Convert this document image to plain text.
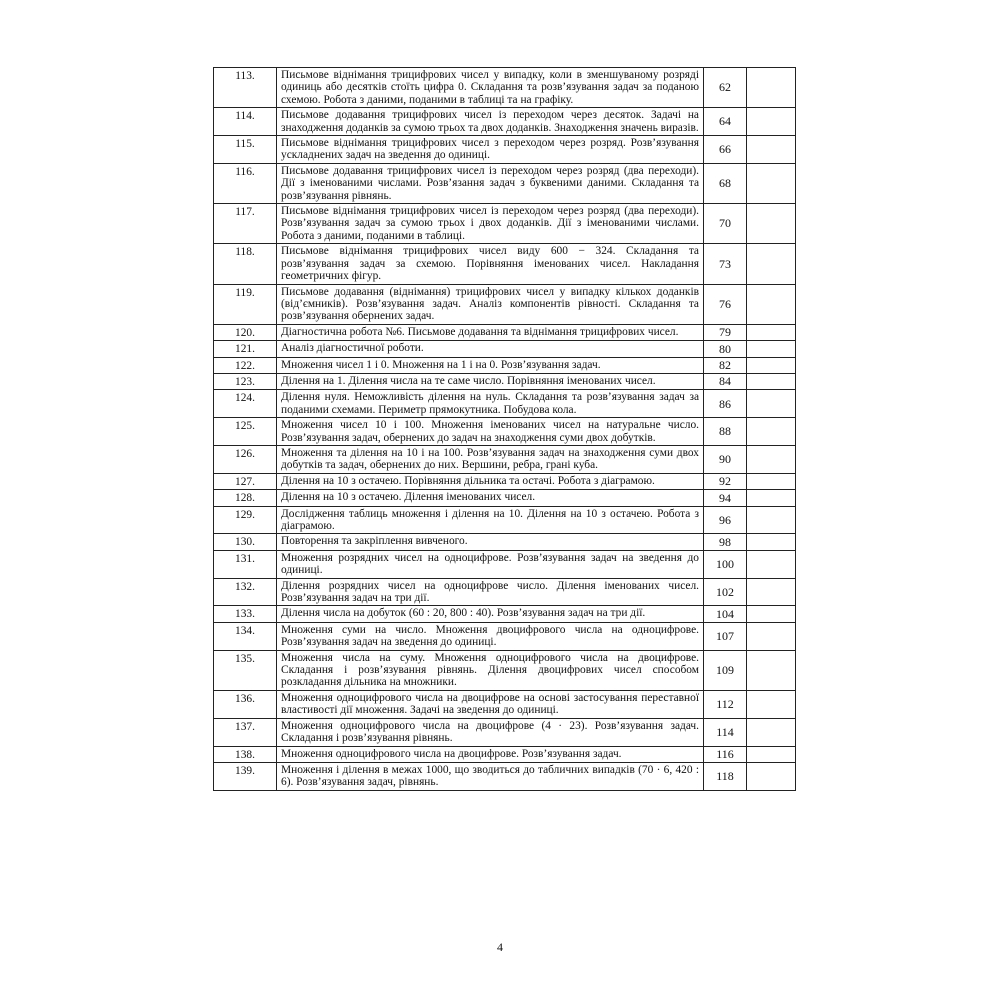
113.	Письмове віднімання трицифрових чисел у випадку, коли в зменшуваному розряді одиниць або десятків стоїть цифра 0. Складання та розв’язування задач за поданою схемою. Робота з даними, поданими в таблиці та на графіку.	62	
114.	Письмове додавання трицифрових чисел із переходом через десяток. Задачі на знаходження доданків за сумою трьох та двох доданків. Знаходження значень виразів.	64	
115.	Письмове віднімання трицифрових чисел з переходом через розряд. Розв’язування ускладнених задач на зведення до одиниці.	66	
116.	Письмове додавання трицифрових чисел із переходом через розряд (два переходи). Дії з іменованими числами. Розв’язання задач з буквеними даними. Складання та розв’язування рівнянь.	68	
117.	Письмове віднімання трицифрових чисел із переходом через розряд (два переходи). Розв’язування задач за сумою трьох і двох доданків. Дії з іменованими числами. Робота з даними, поданими в таблиці.	70	
118.	Письмове віднімання трицифрових чисел виду 600 − 324. Складання та розв’язування задач за схемою. Порівняння іменованих чисел. Накладання геометричних фігур.	73	
119.	Письмове додавання (віднімання) трицифрових чисел у випадку кількох доданків (від’ємників). Розв’язування задач. Аналіз компонентів рівності. Складання та розв’язування обернених задач.	76	
120.	Діагностична робота №6. Письмове додавання та віднімання трицифрових чисел.	79	
121.	Аналіз діагностичної роботи.	80	
122.	Множення чисел 1 і 0. Множення на 1 і на 0. Розв’язування задач.	82	
123.	Ділення на 1. Ділення числа на те саме число. Порівняння іменованих чисел.	84	
124.	Ділення нуля. Неможливість ділення на нуль. Складання та розв’язування задач за поданими схемами. Периметр прямокутника. Побудова кола.	86	
125.	Множення чисел 10 і 100. Множення іменованих чисел на натуральне число. Розв’язування задач, обернених до задач на знаходження суми двох добутків.	88	
126.	Множення та ділення на 10 і на 100. Розв’язування задач на знаходження суми двох добутків та задач, обернених до них. Вершини, ребра, грані куба.	90	
127.	Ділення на 10 з остачею. Порівняння дільника та остачі. Робота з діаграмою.	92	
128.	Ділення на 10 з остачею. Ділення іменованих чисел.	94	
129.	Дослідження таблиць множення і ділення на 10. Ділення на 10 з остачею. Робота з діаграмою.	96	
130.	Повторення та закріплення вивченого.	98	
131.	Множення розрядних чисел на одноцифрове. Розв’язування задач на зведення до одиниці.	100	
132.	Ділення розрядних чисел на одноцифрове число. Ділення іменованих чисел. Розв’язування задач на три дії.	102	
133.	Ділення числа на добуток (60 : 20, 800 : 40). Розв’язування задач на три дії.	104	
134.	Множення суми на число. Множення двоцифрового числа на одноцифрове. Розв’язування задач на зведення до одиниці.	107	
135.	Множення числа на суму. Множення одноцифрового числа на двоцифрове. Складання і розв’язування рівнянь. Ділення двоцифрових чисел способом розкладання дільника на множники.	109	
136.	Множення одноцифрового числа на двоцифрове на основі застосування переставної властивості дії множення. Задачі на зведення до одиниці.	112	
137.	Множення одноцифрового числа на двоцифрове (4 · 23). Розв’язування задач. Складання і розв’язування рівнянь.	114	
138.	Множення одноцифрового числа на двоцифрове. Розв’язування задач.	116	
139.	Множення і ділення в межах 1000, що зводиться до табличних випадків (70 · 6, 420 : 6). Розв’язування задач, рівнянь.	118	
4
